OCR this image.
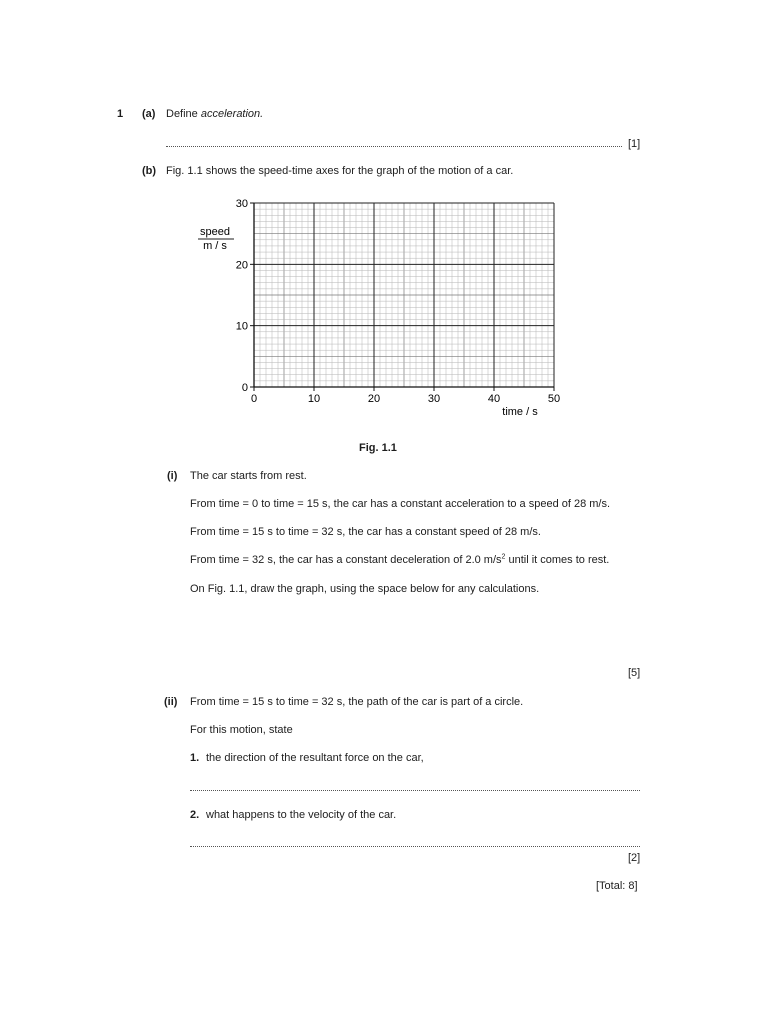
1 (a) Define acceleration.
[1]
(b) Fig. 1.1 shows the speed-time axes for the graph of the motion of a car.
0	10	20	30	40	50
0
10
20
30
speed
m / s
time / s
Fig. 1.1
(i) The car starts from rest.
From time = 0 to time = 15 s, the car has a constant acceleration to a speed of 28 m/s.
From time = 15 s to time = 32 s, the car has a constant speed of 28 m/s.
From time = 32 s, the car has a constant deceleration of 2.0 $m/s^2$ until it comes to rest.
On Fig. 1.1, draw the graph, using the space below for any calculations.
[5]
(ii) From time = 15 s to time = 32 s, the path of the car is part of a circle.
For this motion, state
1. the direction of the resultant force on the car,
2. what happens to the velocity of the car.
[2]
[Total: 8]
